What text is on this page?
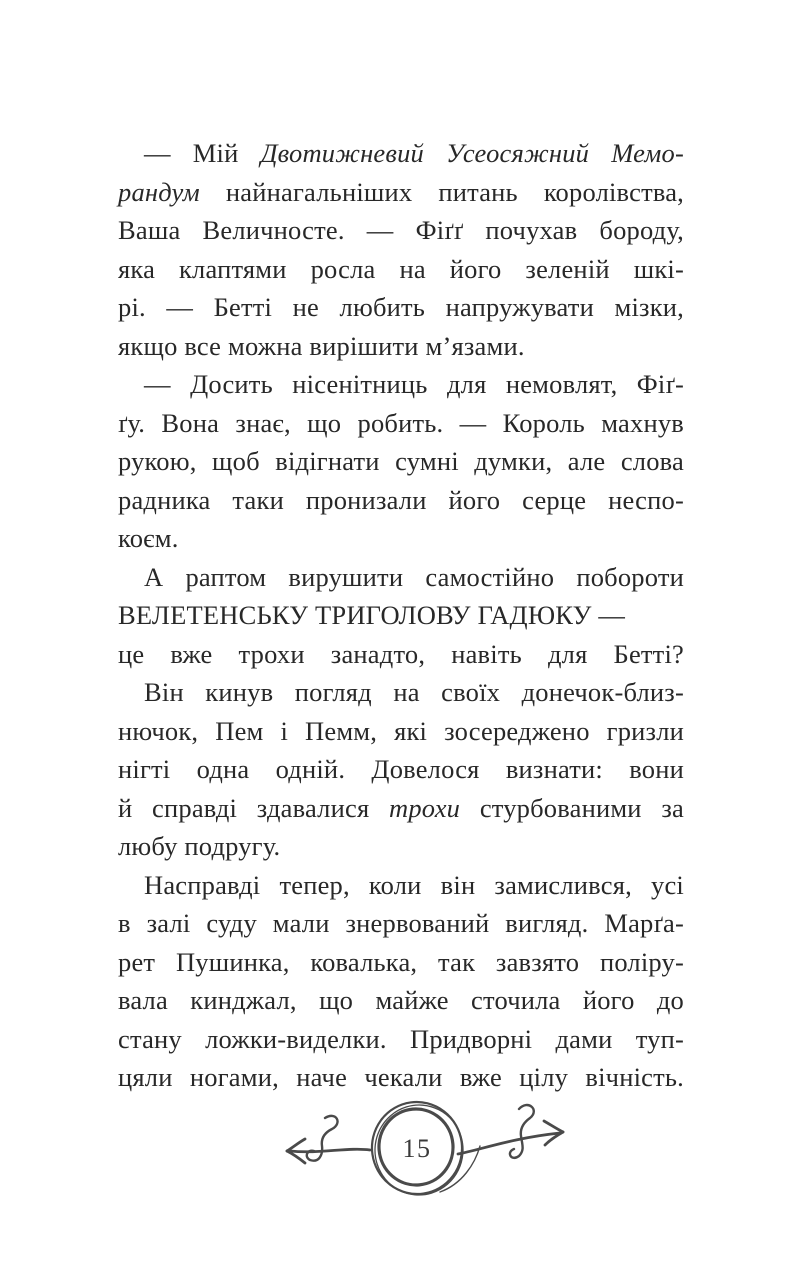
— Мій Двотижневий Усеосяжний Мемо-
рандум найнагальніших питань королівства,
Ваша Величносте. — Фіґґ почухав бороду,
яка клаптями росла на його зеленій шкі-
рі. — Бетті не любить напружувати мізки,
якщо все можна вирішити м’язами.
— Досить нісенітниць для немовлят, Фіґ-
ґу. Вона знає, що робить. — Король махнув
рукою, щоб відігнати сумні думки, але слова
радника таки пронизали його серце неспо-
коєм.
А раптом вирушити самостійно побороти
ВЕЛЕТЕНСЬКУ ТРИГОЛОВУ ГАДЮКУ —
це вже трохи занадто, навіть для Бетті?
Він кинув погляд на своїх донечок-близ-
нючок, Пем і Пемм, які зосереджено гризли
нігті одна одній. Довелося визнати: вони
й справді здавалися трохи стурбованими за
любу подругу.
Насправді тепер, коли він замислився, усі
в залі суду мали знервований вигляд. Марґа-
рет Пушинка, ковалька, так завзято поліру-
вала кинджал, що майже сточила його до
стану ложки-виделки. Придворні дами туп-
цяли ногами, наче чекали вже цілу вічність.
15
